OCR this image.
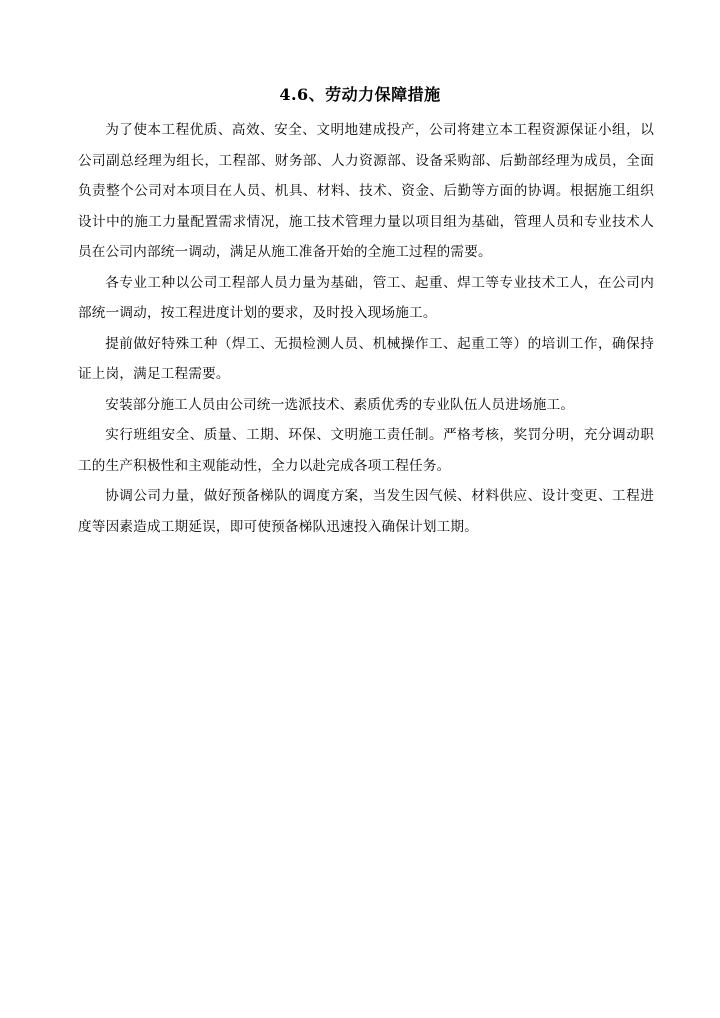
4.6、劳动力保障措施

为了使本工程优质、高效、安全、文明地建成投产，公司将建立本工程资源保证小组，以公司副总经理为组长，工程部、财务部、人力资源部、设备采购部、后勤部经理为成员，全面负责整个公司对本项目在人员、机具、材料、技术、资金、后勤等方面的协调。根据施工组织设计中的施工力量配置需求情况，施工技术管理力量以项目组为基础，管理人员和专业技术人员在公司内部统一调动，满足从施工准备开始的全施工过程的需要。

各专业工种以公司工程部人员力量为基础，管工、起重、焊工等专业技术工人，在公司内部统一调动，按工程进度计划的要求，及时投入现场施工。

提前做好特殊工种（焊工、无损检测人员、机械操作工、起重工等）的培训工作，确保持证上岗，满足工程需要。

安装部分施工人员由公司统一选派技术、素质优秀的专业队伍人员进场施工。

实行班组安全、质量、工期、环保、文明施工责任制。严格考核，奖罚分明，充分调动职工的生产积极性和主观能动性，全力以赴完成各项工程任务。

协调公司力量，做好预备梯队的调度方案，当发生因气候、材料供应、设计变更、工程进度等因素造成工期延误，即可使预备梯队迅速投入确保计划工期。
